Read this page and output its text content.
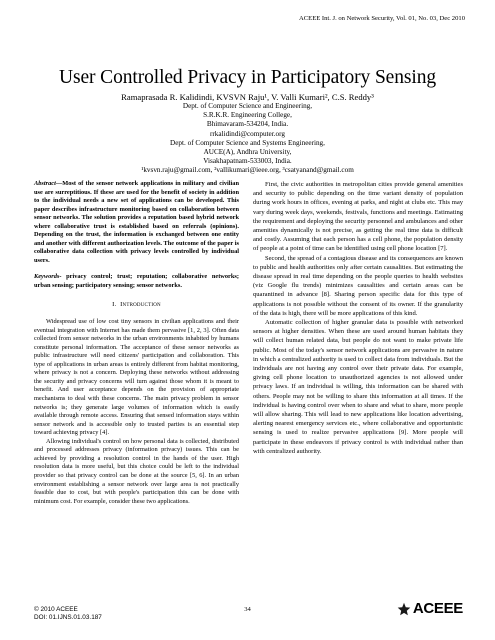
ACEEE Int. J. on Network Security, Vol. 01, No. 03, Dec 2010
User Controlled Privacy in Participatory Sensing
Ramaprasada R. Kalidindi, KVSVN Raju¹, V. Valli Kumari², C.S. Reddy³
Dept. of Computer Science and Engineering,
S.R.K.R. Engineering College,
Bhimavaram-534204, India.
rrkalidindi@computer.org
Dept. of Computer Science and Systems Engineering,
AUCE(A), Andhra University,
Visakhapatnam-533003, India.
¹kvsvn.raju@gmail.com, ²vallikumari@ieee.org, ³csatyanand@gmail.com

Abstract—Most of the sensor network applications in military and civilian use are surreptitious. If these are used for the benefit of society in addition to the individual needs a new set of applications can be developed. This paper describes infrastructure monitoring based on collaboration between sensor networks. The solution provides a reputation based hybrid network where collaborative trust is established based on referrals (opinions). Depending on the trust, the information is exchanged between one entity and another with different authorization levels. The outcome of the paper is collaborative data collection with privacy levels controlled by individual users.

Keywords- privacy control; trust; reputation; collaborative networks; urban sensing; participatory sensing; sensor networks.

I. Introduction

Widespread use of low cost tiny sensors in civilian applications and their eventual integration with Internet has made them pervasive [1, 2, 3]. Often data collected from sensor networks in the urban environments inhabited by humans constitute personal information. The acceptance of these sensor networks as public infrastructure will need citizens' participation and collaboration. This type of applications in urban areas is entirely different from habitat monitoring, where privacy is not a concern. Deploying these networks without addressing the security and privacy concerns will turn against those whom it is meant to benefit. And user acceptance depends on the provision of appropriate mechanisms to deal with these concerns. The main privacy problem in sensor networks is; they generate large volumes of information which is easily available through remote access. Ensuring that sensed information stays within sensor network and is accessible only to trusted parties is an essential step toward achieving privacy [4].

Allowing individual's control on how personal data is collected, distributed and processed addresses privacy (information privacy) issues. This can be achieved by providing a resolution control in the hands of the user. High resolution data is more useful, but this choice could be left to the individual provider so that privacy control can be done at the source [5, 6]. In an urban environment establishing a sensor network over large area is not practically feasible due to cost, but with people's participation this can be done with minimum cost. For example, consider these two applications.

First, the civic authorities in metropolitan cities provide general amenities and security to public depending on the time variant density of population during work hours in offices, evening at parks, and night at clubs etc. This may vary during week days, weekends, festivals, functions and meetings. Estimating the requirement and deploying the security personnel and ambulances and other amenities dynamically is not precise, as getting the real time data is difficult and costly. Assuming that each person has a cell phone, the population density of people at a point of time can be identified using cell phone location [7].

Second, the spread of a contagious disease and its consequences are known to public and health authorities only after certain causalities. But estimating the disease spread in real time depending on the people queries to health websites (viz Google flu trends) minimizes causalities and certain areas can be quarantined in advance [8]. Sharing person specific data for this type of applications is not possible without the consent of its owner. If the granularity of the data is high, there will be more applications of this kind.

Automatic collection of higher granular data is possible with networked sensors at higher densities. When these are used around human habitats they will collect human related data, but people do not want to make private life public. Most of the today's sensor network applications are pervasive in nature in which a centralized authority is used to collect data from individuals. But the individuals are not having any control over their private data. For example, giving cell phone location to unauthorized agencies is not allowed under privacy laws. If an individual is willing, this information can be shared with others. People may not be willing to share this information at all times. If the individual is having control over when to share and what to share, more people will allow sharing. This will lead to new applications like location advertising, alerting nearest emergency services etc., where collaborative and opportunistic sensing is used to realize pervasive applications [9]. More people will participate in these endeavors if privacy control is with individual rather than with centralized authority.

© 2010 ACEEE
DOI: 01.IJNS.01.03.187
34	ACEEE
